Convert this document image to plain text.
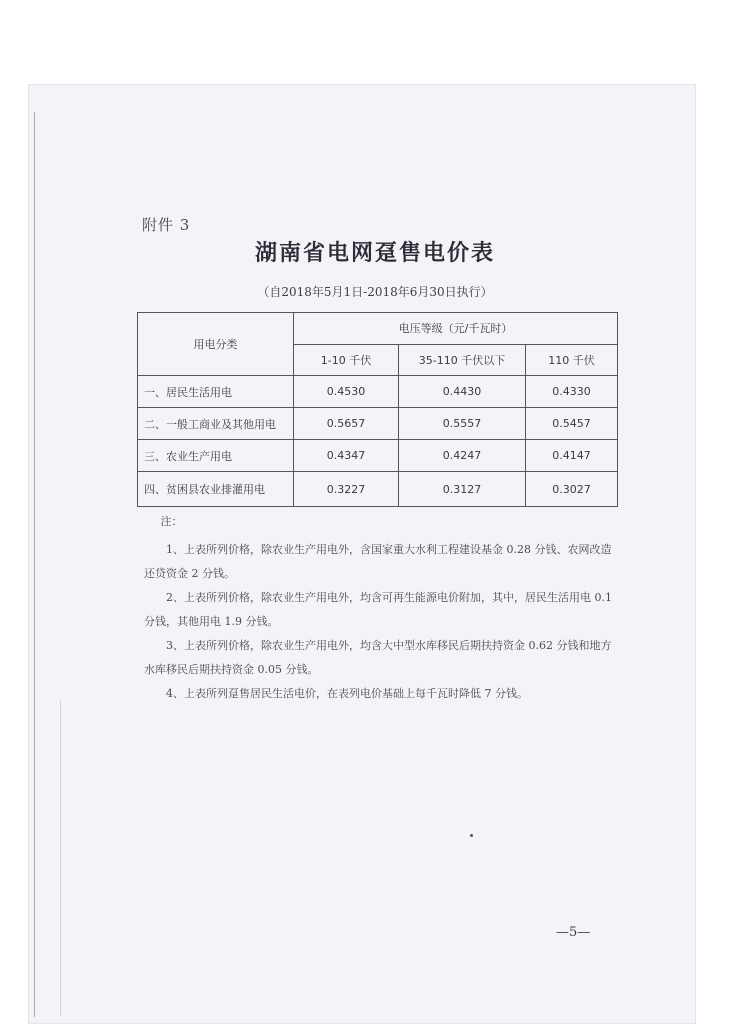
附件 3
湖南省电网趸售电价表
（自2018年5月1日-2018年6月30日执行）
用电分类	电压等级（元/千瓦时）		
	1-10 千伏	35-110 千伏以下	110 千伏
一、居民生活用电	0.4530	0.4430	0.4330
二、一般工商业及其他用电	0.5657	0.5557	0.5457
三、农业生产用电	0.4347	0.4247	0.4147
四、贫困县农业排灌用电	0.3227	0.3127	0.3027

注：

1、上表所列价格，除农业生产用电外，含国家重大水利工程建设基金 0.28 分钱、农网改造还贷资金 2 分钱。

2、上表所列价格，除农业生产用电外，均含可再生能源电价附加，其中，居民生活用电 0.1 分钱，其他用电 1.9 分钱。

3、上表所列价格，除农业生产用电外，均含大中型水库移民后期扶持资金 0.62 分钱和地方水库移民后期扶持资金 0.05 分钱。

4、上表所列趸售居民生活电价，在表列电价基础上每千瓦时降低 7 分钱。

—5—
